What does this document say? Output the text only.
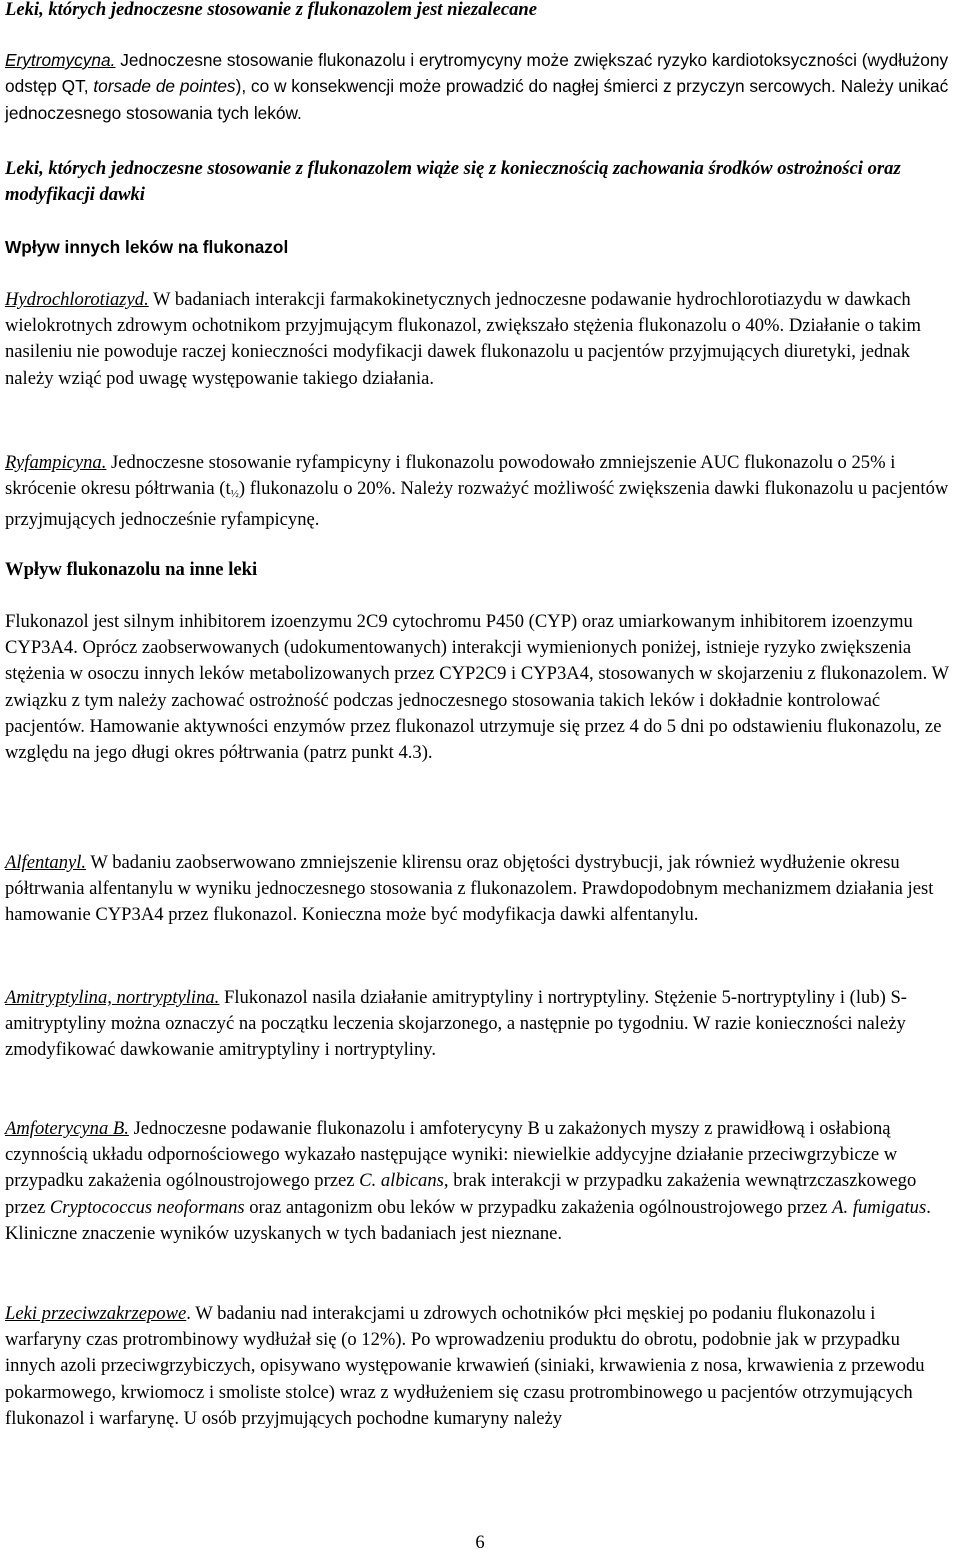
Leki, których jednoczesne stosowanie z flukonazolem jest niezalecane

Erytromycyna. Jednoczesne stosowanie flukonazolu i erytromycyny może zwiększać ryzyko kardiotoksyczności (wydłużony odstęp QT, torsade de pointes), co w konsekwencji może prowadzić do nagłej śmierci z przyczyn sercowych. Należy unikać jednoczesnego stosowania tych leków.

Leki, których jednoczesne stosowanie z flukonazolem wiąże się z koniecznością zachowania środków ostrożności oraz modyfikacji dawki

Wpływ innych leków na flukonazol

Hydrochlorotiazyd. W badaniach interakcji farmakokinetycznych jednoczesne podawanie hydrochlorotiazydu w dawkach wielokrotnych zdrowym ochotnikom przyjmującym flukonazol, zwiększało stężenia flukonazolu o 40%. Działanie o takim nasileniu nie powoduje raczej konieczności modyfikacji dawek flukonazolu u pacjentów przyjmujących diuretyki, jednak należy wziąć pod uwagę występowanie takiego działania.

Ryfampicyna. Jednoczesne stosowanie ryfampicyny i flukonazolu powodowało zmniejszenie AUC flukonazolu o 25% i skrócenie okresu półtrwania $(t_{\frac{1}{2}})$ flukonazolu o 20%. Należy rozważyć możliwość zwiększenia dawki flukonazolu u pacjentów przyjmujących jednocześnie ryfampicynę.

Wpływ flukonazolu na inne leki

Flukonazol jest silnym inhibitorem izoenzymu 2C9 cytochromu P450 (CYP) oraz umiarkowanym inhibitorem izoenzymu CYP3A4. Oprócz zaobserwowanych (udokumentowanych) interakcji wymienionych poniżej, istnieje ryzyko zwiększenia stężenia w osoczu innych leków metabolizowanych przez CYP2C9 i CYP3A4, stosowanych w skojarzeniu z flukonazolem. W związku z tym należy zachować ostrożność podczas jednoczesnego stosowania takich leków i dokładnie kontrolować pacjentów. Hamowanie aktywności enzymów przez flukonazol utrzymuje się przez 4 do 5 dni po odstawieniu flukonazolu, ze względu na jego długi okres półtrwania (patrz punkt 4.3).

Alfentanyl. W badaniu zaobserwowano zmniejszenie klirensu oraz objętości dystrybucji, jak również wydłużenie okresu półtrwania alfentanylu w wyniku jednoczesnego stosowania z flukonazolem. Prawdopodobnym mechanizmem działania jest hamowanie CYP3A4 przez flukonazol. Konieczna może być modyfikacja dawki alfentanylu.

Amitryptylina, nortryptylina. Flukonazol nasila działanie amitryptyliny i nortryptyliny. Stężenie 5-nortryptyliny i (lub) S-amitryptyliny można oznaczyć na początku leczenia skojarzonego, a następnie po tygodniu. W razie konieczności należy zmodyfikować dawkowanie amitryptyliny i nortryptyliny.

Amfoterycyna B. Jednoczesne podawanie flukonazolu i amfoterycyny B u zakażonych myszy z prawidłową i osłabioną czynnością układu odpornościowego wykazało następujące wyniki: niewielkie addycyjne działanie przeciwgrzybicze w przypadku zakażenia ogólnoustrojowego przez C. albicans, brak interakcji w przypadku zakażenia wewnątrzczaszkowego przez Cryptococcus neoformans oraz antagonizm obu leków w przypadku zakażenia ogólnoustrojowego przez A. fumigatus. Kliniczne znaczenie wyników uzyskanych w tych badaniach jest nieznane.

Leki przeciwzakrzepowe. W badaniu nad interakcjami u zdrowych ochotników płci męskiej po podaniu flukonazolu i warfaryny czas protrombinowy wydłużał się (o 12%). Po wprowadzeniu produktu do obrotu, podobnie jak w przypadku innych azoli przeciwgrzybiczych, opisywano występowanie krwawień (siniaki, krwawienia z nosa, krwawienia z przewodu pokarmowego, krwiomocz i smoliste stolce) wraz z wydłużeniem się czasu protrombinowego u pacjentów otrzymujących flukonazol i warfarynę. U osób przyjmujących pochodne kumaryny należy

6
